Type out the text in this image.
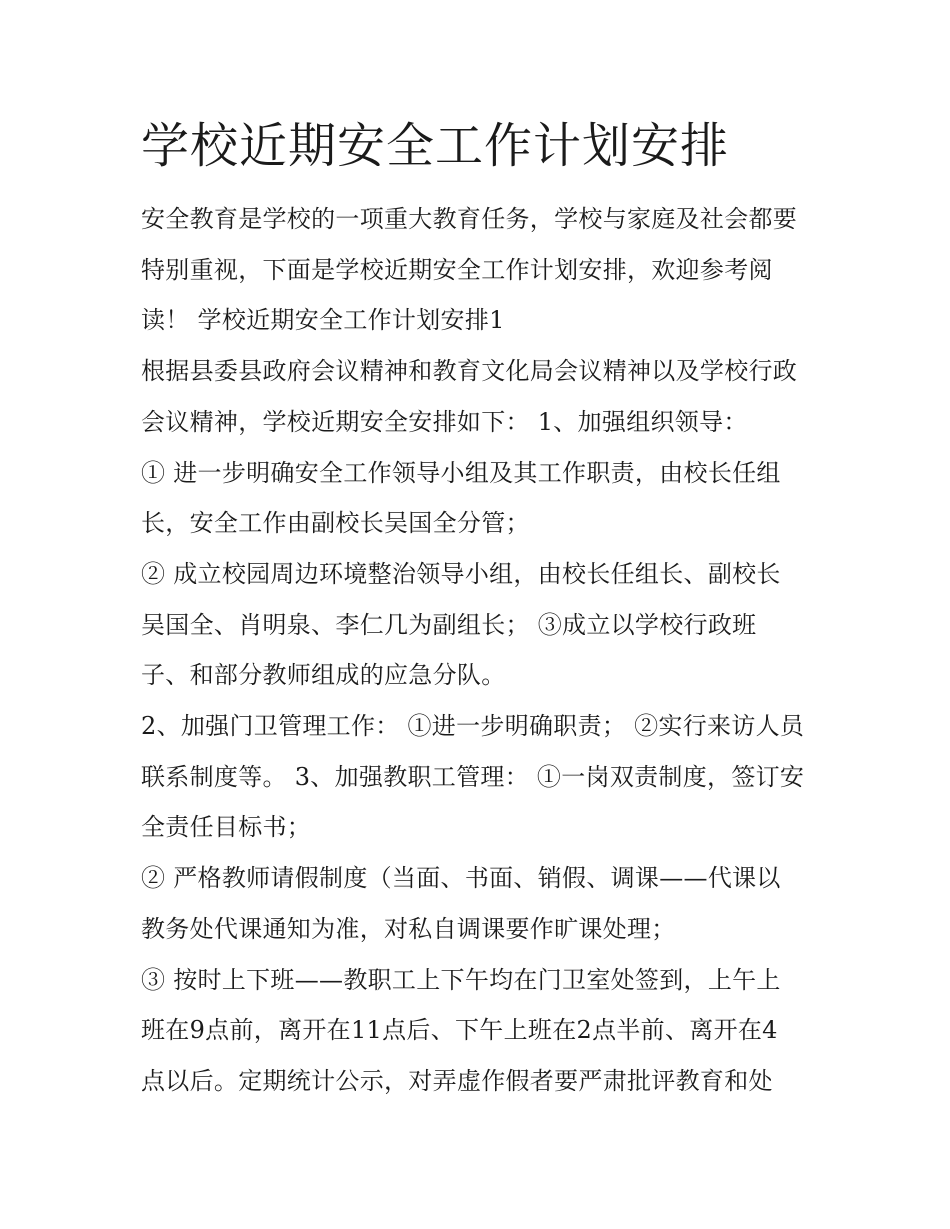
学校近期安全工作计划安排
安全教育是学校的一项重大教育任务，学校与家庭及社会都要
特别重视，下面是学校近期安全工作计划安排，欢迎参考阅
读！ 学校近期安全工作计划安排1
根据县委县政府会议精神和教育文化局会议精神以及学校行政
会议精神，学校近期安全安排如下： 1、加强组织领导：
① 进一步明确安全工作领导小组及其工作职责，由校长任组
长，安全工作由副校长吴国全分管；
② 成立校园周边环境整治领导小组，由校长任组长、副校长
吴国全、肖明泉、李仁几为副组长； ③成立以学校行政班
子、和部分教师组成的应急分队。
2、加强门卫管理工作： ①进一步明确职责； ②实行来访人员
联系制度等。 3、加强教职工管理： ①一岗双责制度，签订安
全责任目标书；
② 严格教师请假制度（当面、书面、销假、调课——代课以
教务处代课通知为准，对私自调课要作旷课处理；
③ 按时上下班——教职工上下午均在门卫室处签到，上午上
班在9点前，离开在11点后、下午上班在2点半前、离开在4
点以后。定期统计公示，对弄虚作假者要严肃批评教育和处
